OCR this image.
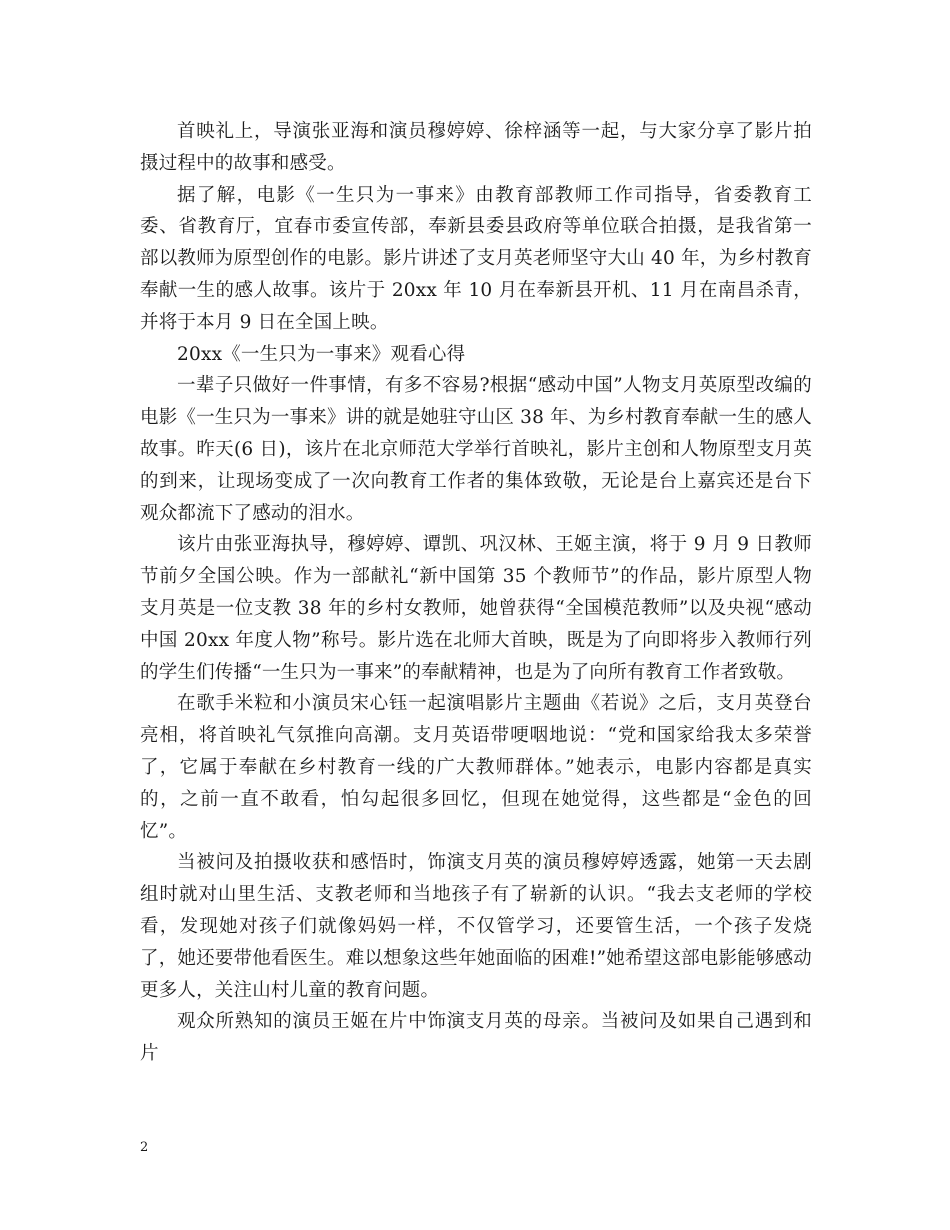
首映礼上，导演张亚海和演员穆婷婷、徐梓涵等一起，与大家分享了影片拍摄过程中的故事和感受。

据了解，电影《一生只为一事来》由教育部教师工作司指导，省委教育工委、省教育厅，宜春市委宣传部，奉新县委县政府等单位联合拍摄，是我省第一部以教师为原型创作的电影。影片讲述了支月英老师坚守大山 40 年，为乡村教育奉献一生的感人故事。该片于 20xx 年 10 月在奉新县开机、11 月在南昌杀青，并将于本月 9 日在全国上映。

20xx《一生只为一事来》观看心得

一辈子只做好一件事情，有多不容易?根据“感动中国”人物支月英原型改编的电影《一生只为一事来》讲的就是她驻守山区 38 年、为乡村教育奉献一生的感人故事。昨天(6 日)，该片在北京师范大学举行首映礼，影片主创和人物原型支月英的到来，让现场变成了一次向教育工作者的集体致敬，无论是台上嘉宾还是台下观众都流下了感动的泪水。

该片由张亚海执导，穆婷婷、谭凯、巩汉林、王姬主演，将于 9 月 9 日教师节前夕全国公映。作为一部献礼“新中国第 35 个教师节”的作品，影片原型人物支月英是一位支教 38 年的乡村女教师，她曾获得“全国模范教师”以及央视“感动中国 20xx 年度人物”称号。影片选在北师大首映，既是为了向即将步入教师行列的学生们传播“一生只为一事来”的奉献精神，也是为了向所有教育工作者致敬。

在歌手米粒和小演员宋心钰一起演唱影片主题曲《若说》之后，支月英登台亮相，将首映礼气氛推向高潮。支月英语带哽咽地说：“党和国家给我太多荣誉了，它属于奉献在乡村教育一线的广大教师群体。”她表示，电影内容都是真实的，之前一直不敢看，怕勾起很多回忆，但现在她觉得，这些都是“金色的回忆”。

当被问及拍摄收获和感悟时，饰演支月英的演员穆婷婷透露，她第一天去剧组时就对山里生活、支教老师和当地孩子有了崭新的认识。“我去支老师的学校看，发现她对孩子们就像妈妈一样，不仅管学习，还要管生活，一个孩子发烧了，她还要带他看医生。难以想象这些年她面临的困难!”她希望这部电影能够感动更多人，关注山村儿童的教育问题。

观众所熟知的演员王姬在片中饰演支月英的母亲。当被问及如果自己遇到和片

2
